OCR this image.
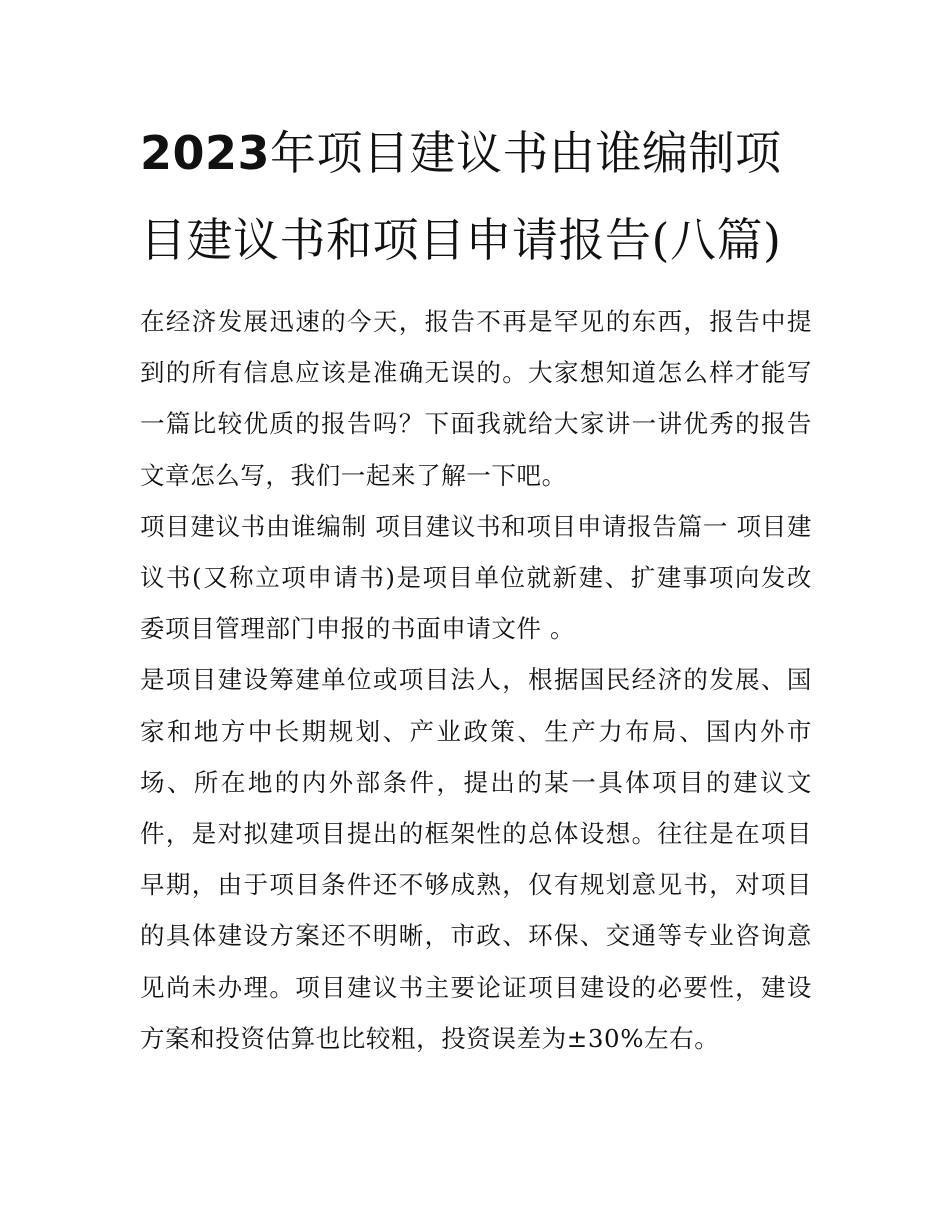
2023年项目建议书由谁编制项目建议书和项目申请报告(八篇)

在经济发展迅速的今天，报告不再是罕见的东西，报告中提到的所有信息应该是准确无误的。大家想知道怎么样才能写一篇比较优质的报告吗？下面我就给大家讲一讲优秀的报告文章怎么写，我们一起来了解一下吧。

项目建议书由谁编制 项目建议书和项目申请报告篇一 项目建议书(又称立项申请书)是项目单位就新建、扩建事项向发改委项目管理部门申报的书面申请文件 。

是项目建设筹建单位或项目法人，根据国民经济的发展、国家和地方中长期规划、产业政策、生产力布局、国内外市场、所在地的内外部条件，提出的某一具体项目的建议文件，是对拟建项目提出的框架性的总体设想。往往是在项目早期，由于项目条件还不够成熟，仅有规划意见书，对项目的具体建设方案还不明晰，市政、环保、交通等专业咨询意见尚未办理。项目建议书主要论证项目建设的必要性，建设方案和投资估算也比较粗，投资误差为±30%左右。
